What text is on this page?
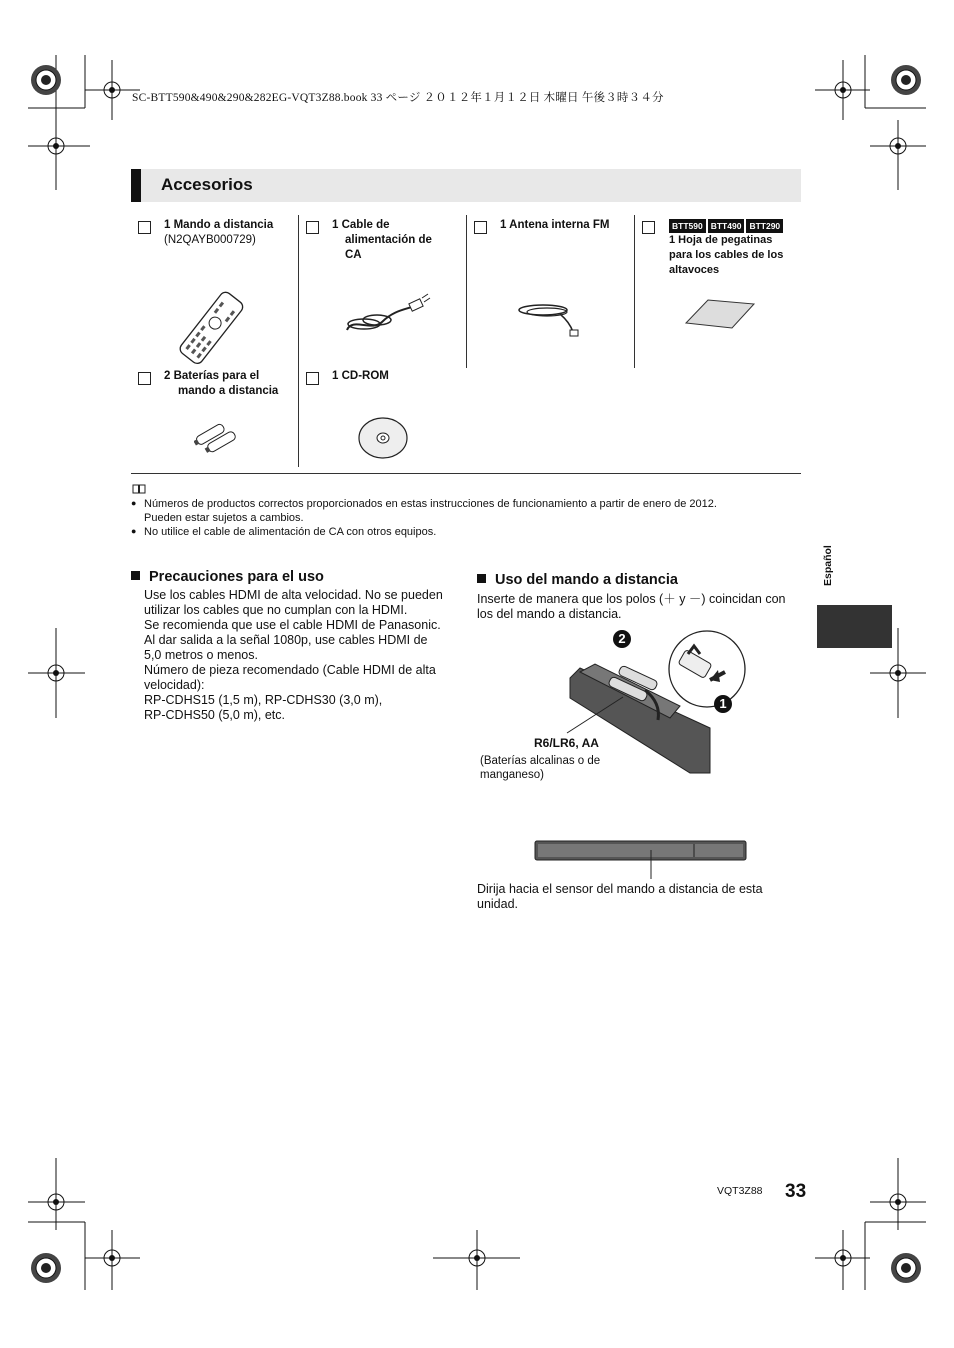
SC-BTT590&490&290&282EG-VQT3Z88.book 33 ページ ２０１２年１月１２日 木曜日 午後３時３４分
Accesorios
1 Mando a distancia
(N2QAYB000729)
1 Cable de
alimentación de
CA
1 Antena interna FM	BTT590 BTT490 BTT290
1 Hoja de pegatinas
para los cables de los
altavoces
2 Baterías para el
mando a distancia
1 CD-ROM
● Números de productos correctos proporcionados en estas instrucciones de funcionamiento a partir de enero de 2012.
Pueden estar sujetos a cambios.
● No utilice el cable de alimentación de CA con otros equipos.
Precauciones para el uso
Use los cables HDMI de alta velocidad. No se pueden
utilizar los cables que no cumplan con la HDMI.
Se recomienda que use el cable HDMI de Panasonic.
Al dar salida a la señal 1080p, use cables HDMI de
5,0 metros o menos.
Número de pieza recomendado (Cable HDMI de alta
velocidad):
RP-CDHS15 (1,5 m), RP-CDHS30 (3,0 m),
RP-CDHS50 (5,0 m), etc.
Uso del mando a distancia
Inserte de manera que los polos (＋ y －) coincidan con
los del mando a distancia.
2
1
R6/LR6, AA
(Baterías alcalinas o de
manganeso)
Dirija hacia el sensor del mando a distancia de esta
unidad.
Español
VQT3Z88 33
